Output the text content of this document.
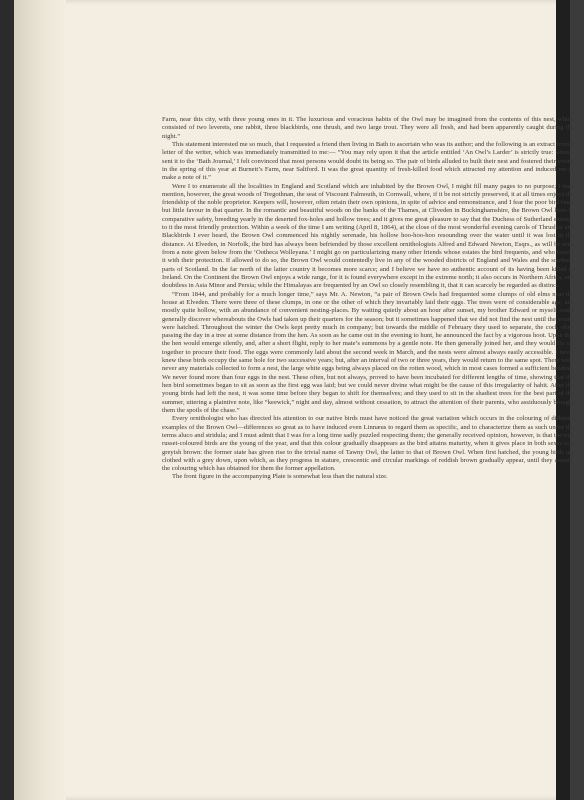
Farm, near this city, with three young ones in it. The luxurious and voracious habits of the Owl may be imagined from the contents of this nest, which consisted of two leverets, one rabbit, three blackbirds, one thrush, and two large trout. They were all fresh, and had been apparently caught during the night.”

This statement interested me so much, that I requested a friend then living in Bath to ascertain who was its author; and the following is an extract from a letter of the writer, which was immediately transmitted to me:— “You may rely upon it that the article entitled ‘An Owl’s Larder’ is strictly true: when I sent it to the ‘Bath Journal,’ I felt convinced that most persons would doubt its being so. The pair of birds alluded to built their nest and fostered their young in the spring of this year at Burnett’s Farm, near Saltford. It was the great quantity of fresh-killed food which attracted my attention and induced me to make a note of it.”

Were I to enumerate all the localities in England and Scotland which are inhabited by the Brown Owl, I might fill many pages to no purpose; I may mention, however, the great woods of Tregothnan, the seat of Viscount Falmouth, in Cornwall, where, if it be not strictly preserved, it at all times enjoys the friendship of the noble proprietor. Keepers will, however, often retain their own opinions, in spite of advice and remonstrance, and I fear the poor bird finds but little favour in that quarter. In the romantic and beautiful woods on the banks of the Thames, at Cliveden in Buckinghamshire, the Brown Owl lives in comparative safety, breeding yearly in the deserted fox-holes and hollow trees; and it gives me great pleasure to say that the Duchess of Sutherland extends to it the most friendly protection. Within a week of the time I am writing (April 8, 1864), at the close of the most wonderful evening carols of Thrushes and Blackbirds I ever heard, the Brown Owl commenced his nightly serenade, his hollow hoo-hoo-hoo resounding over the water until it was lost in the distance. At Elveden, in Norfolk, the bird has always been befriended by those excellent ornithologists Alfred and Edward Newton, Esqrs., as will be seen from a note given below from the ‘Ootheca Wolleyana.’ I might go on particularizing many other friends whose estates the bird frequents, and who favour it with their protection. If allowed to do so, the Brown Owl would contentedly live in any of the wooded districts of England and Wales and the southern parts of Scotland. In the far north of the latter country it becomes more scarce; and I believe we have no authentic account of its having been killed in Ireland. On the Continent the Brown Owl enjoys a wide range, for it is found everywhere except in the extreme north; it also occurs in Northern Africa, and doubtless in Asia Minor and Persia; while the Himalayas are frequented by an Owl so closely resembling it, that it can scarcely be regarded as distinct.

“From 1844, and probably for a much longer time,” says Mr. A. Newton, “a pair of Brown Owls had frequented some clumps of old elms near the house at Elveden. There were three of these clumps, in one or the other of which they invariably laid their eggs. The trees were of considerable age, and mostly quite hollow, with an abundance of convenient nesting-places. By waiting quietly about an hour after sunset, my brother Edward or myself could generally discover whereabouts the Owls had taken up their quarters for the season; but it sometimes happened that we did not find the nest until the young were hatched. Throughout the winter the Owls kept pretty much in company; but towards the middle of February they used to separate, the cock often passing the day in a tree at some distance from the hen. As soon as he came out in the evening to hunt, he announced the fact by a vigorous hoot. Upon this the hen would emerge silently, and, after a short flight, reply to her mate’s summons by a gentle note. He then generally joined her, and they would fly off together to procure their food. The eggs were commonly laid about the second week in March, and the nests were almost always easily accessible. I never knew these birds occupy the same hole for two successive years; but, after an interval of two or three years, they would return to the same spot. There were never any materials collected to form a nest, the large white eggs being always placed on the rotten wood, which in most cases formed a sufficient bedding. We never found more than four eggs in the nest. These often, but not always, proved to have been incubated for different lengths of time, showing that the hen bird sometimes began to sit as soon as the first egg was laid; but we could never divine what might be the cause of this irregularity of habit. After the young birds had left the nest, it was some time before they began to shift for themselves; and they used to sit in the shadiest trees for the best part of the summer, uttering a plaintive note, like “keewick,” night and day, almost without cessation, to attract the attention of their parents, who assiduously brought them the spoils of the chase.”

Every ornithologist who has directed his attention to our native birds must have noticed the great variation which occurs in the colouring of different examples of the Brown Owl—differences so great as to have induced even Linnæus to regard them as specific, and to characterize them as such under the terms aluco and stridula; and I must admit that I was for a long time sadly puzzled respecting them; the generally received opinion, however, is that the rich russet-coloured birds are the young of the year, and that this colour gradually disappears as the bird attains maturity, when it gives place in both sexes to a greyish brown: the former state has given rise to the trivial name of Tawny Owl, the latter to that of Brown Owl. When first hatched, the young birds are clothed with a grey down, upon which, as they progress in stature, crescentic and circular markings of reddish brown gradually appear, until they assume the colouring which has obtained for them the former appellation.

The front figure in the accompanying Plate is somewhat less than the natural size.
